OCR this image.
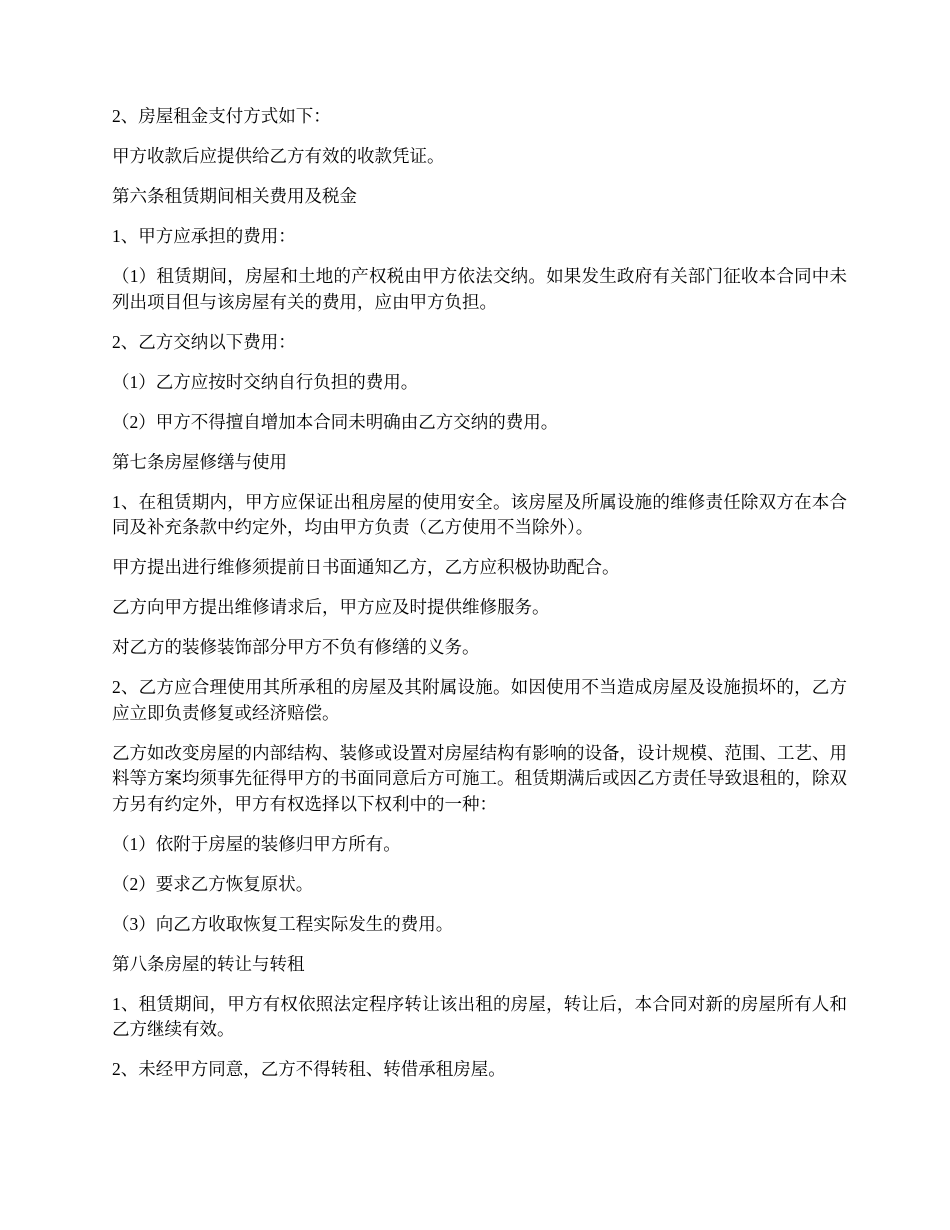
2、房屋租金支付方式如下：

甲方收款后应提供给乙方有效的收款凭证。

第六条租赁期间相关费用及税金

1、甲方应承担的费用：

（1）租赁期间，房屋和土地的产权税由甲方依法交纳。如果发生政府有关部门征收本合同中未列出项目但与该房屋有关的费用，应由甲方负担。

2、乙方交纳以下费用：

（1）乙方应按时交纳自行负担的费用。

（2）甲方不得擅自增加本合同未明确由乙方交纳的费用。

第七条房屋修缮与使用

1、在租赁期内，甲方应保证出租房屋的使用安全。该房屋及所属设施的维修责任除双方在本合同及补充条款中约定外，均由甲方负责（乙方使用不当除外）。

甲方提出进行维修须提前日书面通知乙方，乙方应积极协助配合。

乙方向甲方提出维修请求后，甲方应及时提供维修服务。

对乙方的装修装饰部分甲方不负有修缮的义务。

2、乙方应合理使用其所承租的房屋及其附属设施。如因使用不当造成房屋及设施损坏的，乙方应立即负责修复或经济赔偿。

乙方如改变房屋的内部结构、装修或设置对房屋结构有影响的设备，设计规模、范围、工艺、用料等方案均须事先征得甲方的书面同意后方可施工。租赁期满后或因乙方责任导致退租的，除双方另有约定外，甲方有权选择以下权利中的一种：

（1）依附于房屋的装修归甲方所有。

（2）要求乙方恢复原状。

（3）向乙方收取恢复工程实际发生的费用。

第八条房屋的转让与转租

1、租赁期间，甲方有权依照法定程序转让该出租的房屋，转让后，本合同对新的房屋所有人和乙方继续有效。

2、未经甲方同意，乙方不得转租、转借承租房屋。
